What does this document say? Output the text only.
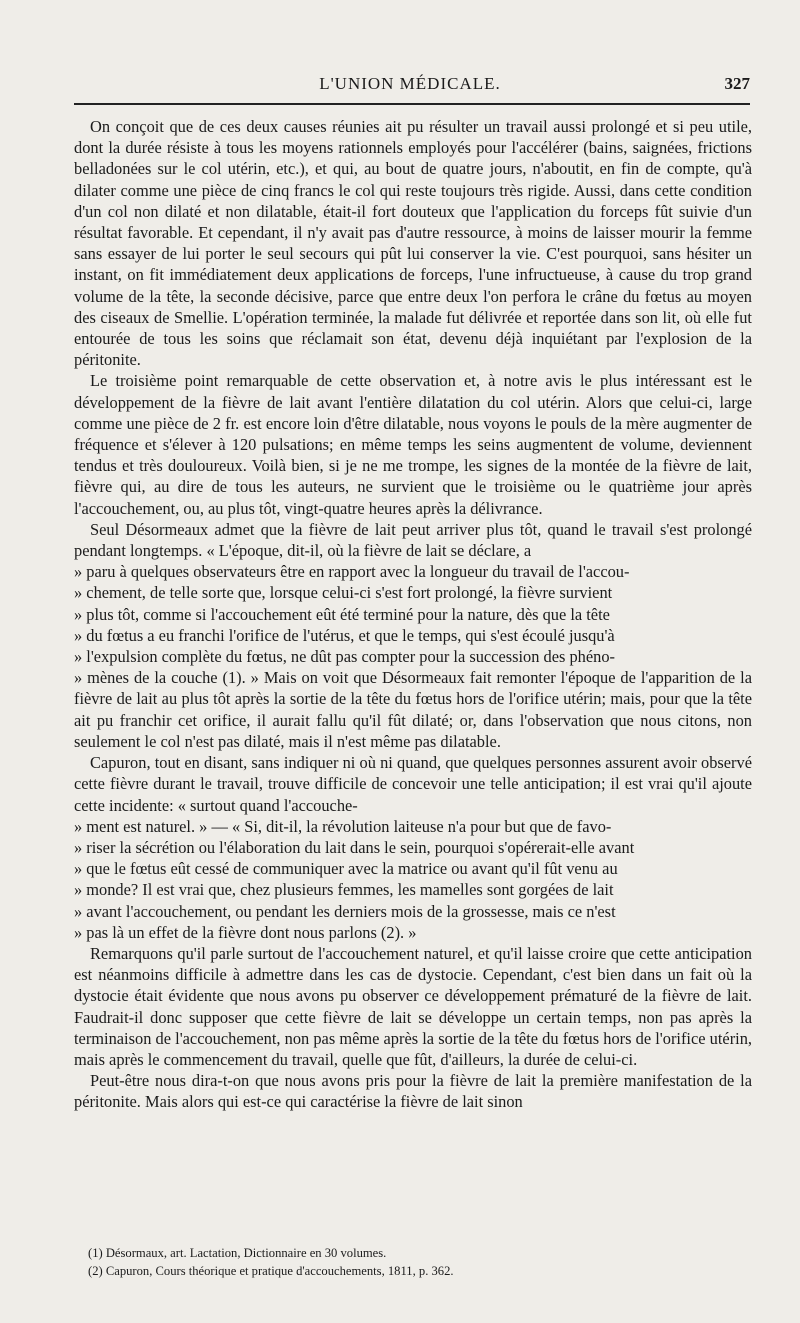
L'UNION MÉDICALE.	327

On conçoit que de ces deux causes réunies ait pu résulter un travail aussi prolongé et si peu utile, dont la durée résiste à tous les moyens rationnels employés pour l'accélérer (bains, saignées, frictions belladonées sur le col utérin, etc.), et qui, au bout de quatre jours, n'aboutit, en fin de compte, qu'à dilater comme une pièce de cinq francs le col qui reste toujours très rigide. Aussi, dans cette condition d'un col non dilaté et non dilatable, était-il fort douteux que l'application du forceps fût suivie d'un résultat favorable. Et cependant, il n'y avait pas d'autre ressource, à moins de laisser mourir la femme sans essayer de lui porter le seul secours qui pût lui conserver la vie. C'est pourquoi, sans hésiter un instant, on fit immédiatement deux applications de forceps, l'une infructueuse, à cause du trop grand volume de la tête, la seconde décisive, parce que entre deux l'on perfora le crâne du fœtus au moyen des ciseaux de Smellie. L'opération terminée, la malade fut délivrée et reportée dans son lit, où elle fut entourée de tous les soins que réclamait son état, devenu déjà inquiétant par l'explosion de la péritonite.

Le troisième point remarquable de cette observation et, à notre avis le plus intéressant est le développement de la fièvre de lait avant l'entière dilatation du col utérin. Alors que celui-ci, large comme une pièce de 2 fr. est encore loin d'être dilatable, nous voyons le pouls de la mère augmenter de fréquence et s'élever à 120 pulsations; en même temps les seins augmentent de volume, deviennent tendus et très douloureux. Voilà bien, si je ne me trompe, les signes de la montée de la fièvre de lait, fièvre qui, au dire de tous les auteurs, ne survient que le troisième ou le quatrième jour après l'accouchement, ou, au plus tôt, vingt-quatre heures après la délivrance.

Seul Désormeaux admet que la fièvre de lait peut arriver plus tôt, quand le travail s'est prolongé pendant longtemps. « L'époque, dit-il, où la fièvre de lait se déclare, a

» paru à quelques observateurs être en rapport avec la longueur du travail de l'accou-

» chement, de telle sorte que, lorsque celui-ci s'est fort prolongé, la fièvre survient

» plus tôt, comme si l'accouchement eût été terminé pour la nature, dès que la tête

» du fœtus a eu franchi l'orifice de l'utérus, et que le temps, qui s'est écoulé jusqu'à

» l'expulsion complète du fœtus, ne dût pas compter pour la succession des phéno-

» mènes de la couche (1). » Mais on voit que Désormeaux fait remonter l'époque de l'apparition de la fièvre de lait au plus tôt après la sortie de la tête du fœtus hors de l'orifice utérin; mais, pour que la tête ait pu franchir cet orifice, il aurait fallu qu'il fût dilaté; or, dans l'observation que nous citons, non seulement le col n'est pas dilaté, mais il n'est même pas dilatable.

Capuron, tout en disant, sans indiquer ni où ni quand, que quelques personnes assurent avoir observé cette fièvre durant le travail, trouve difficile de concevoir une telle anticipation; il est vrai qu'il ajoute cette incidente: « surtout quand l'accouche-

» ment est naturel. » — « Si, dit-il, la révolution laiteuse n'a pour but que de favo-

» riser la sécrétion ou l'élaboration du lait dans le sein, pourquoi s'opérerait-elle avant

» que le fœtus eût cessé de communiquer avec la matrice ou avant qu'il fût venu au

» monde? Il est vrai que, chez plusieurs femmes, les mamelles sont gorgées de lait

» avant l'accouchement, ou pendant les derniers mois de la grossesse, mais ce n'est

» pas là un effet de la fièvre dont nous parlons (2). »

Remarquons qu'il parle surtout de l'accouchement naturel, et qu'il laisse croire que cette anticipation est néanmoins difficile à admettre dans les cas de dystocie. Cependant, c'est bien dans un fait où la dystocie était évidente que nous avons pu observer ce développement prématuré de la fièvre de lait. Faudrait-il donc supposer que cette fièvre de lait se développe un certain temps, non pas après la terminaison de l'accouchement, non pas même après la sortie de la tête du fœtus hors de l'orifice utérin, mais après le commencement du travail, quelle que fût, d'ailleurs, la durée de celui-ci.

Peut-être nous dira-t-on que nous avons pris pour la fièvre de lait la première manifestation de la péritonite. Mais alors qui est-ce qui caractérise la fièvre de lait sinon

(1) Désormaux, art. Lactation, Dictionnaire en 30 volumes.
(2) Capuron, Cours théorique et pratique d'accouchements, 1811, p. 362.
